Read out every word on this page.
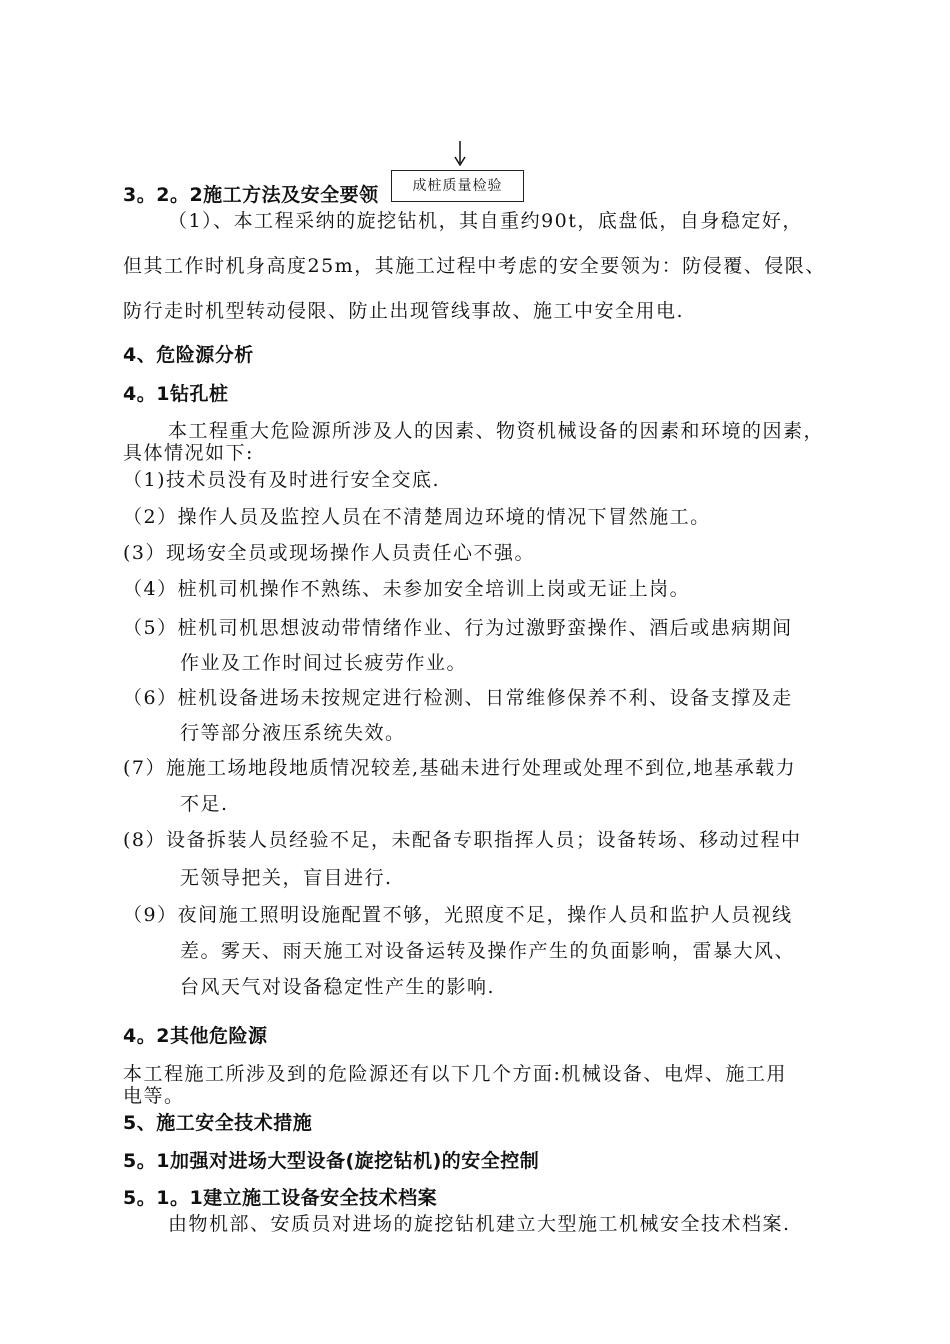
成桩质量检验
3。2。2施工方法及安全要领
（1）、本工程采纳的旋挖钻机，其自重约90t，底盘低，自身稳定好，
但其工作时机身高度25m，其施工过程中考虑的安全要领为：防侵覆、侵限、
防行走时机型转动侵限、防止出现管线事故、施工中安全用电.
4、危险源分析
4。1钻孔桩
本工程重大危险源所涉及人的因素、物资机械设备的因素和环境的因素，
具体情况如下:
（1)技术员没有及时进行安全交底.
（2）操作人员及监控人员在不清楚周边环境的情况下冒然施工。
(3）现场安全员或现场操作人员责任心不强。
（4）桩机司机操作不熟练、未参加安全培训上岗或无证上岗。
（5）桩机司机思想波动带情绪作业、行为过激野蛮操作、酒后或患病期间
作业及工作时间过长疲劳作业。
（6）桩机设备进场未按规定进行检测、日常维修保养不利、设备支撑及走
行等部分液压系统失效。
(7）施施工场地段地质情况较差,基础未进行处理或处理不到位,地基承载力
不足.
(8）设备拆装人员经验不足，未配备专职指挥人员；设备转场、移动过程中
无领导把关，盲目进行.
（9）夜间施工照明设施配置不够，光照度不足，操作人员和监护人员视线
差。雾天、雨天施工对设备运转及操作产生的负面影响，雷暴大风、
台风天气对设备稳定性产生的影响.
4。2其他危险源
本工程施工所涉及到的危险源还有以下几个方面:机械设备、电焊、施工用
电等。
5、施工安全技术措施
5。1加强对进场大型设备(旋挖钻机)的安全控制
5。1。1建立施工设备安全技术档案
由物机部、安质员对进场的旋挖钻机建立大型施工机械安全技术档案.
